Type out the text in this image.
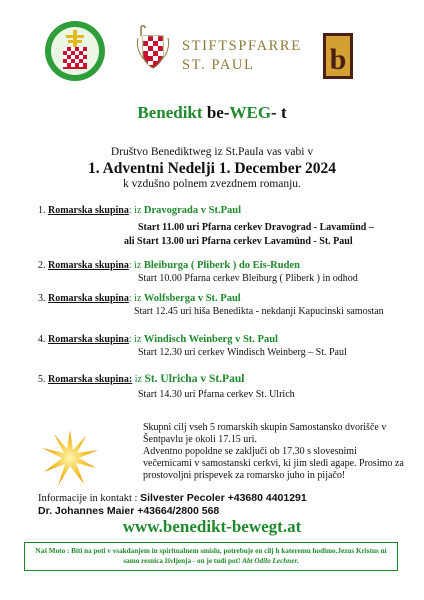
STIFTSPFARRE
ST. PAUL	b
Benedikt be-WEG- t
Društvo Benediktweg iz St.Paula vas vabi v
1. Adventni Nedelji 1. December 2024
k vzdušno polnem zvezdnem romanju.
1. Romarska skupina: iz Dravograda v St.Paul
Start 11.00 uri Pfarna cerkev Dravograd - Lavamünd –
ali Start 13.00 uri Pfarna cerkev Lavamünd - St. Paul
2. Romarska skupina: iz Bleiburga ( Pliberk ) do Eis-Ruden
Start 10.00 Pfarna cerkev Bleiburg ( Pliberk ) in odhod
3. Romarska skupina: iz Wolfsberga v St. Paul
Start 12.45 uri hiša Benedikta - nekdanji Kapucinski samostan
4. Romarska skupina: iz Windisch Weinberg v St. Paul
Start 12.30 uri cerkev Windisch Weinberg – St. Paul
5. Romarska skupina: iz St. Ulricha v St.Paul
Start 14.30 uri Pfarna cerkev St. Ulrich
Skupni cilj vseh 5 romarskih skupin Samostansko dvorišče v Šentpavlu je okoli 17.15 uri.
Adventno popoldne se zaključi ob 17.30 s slovesnimi večernicami v samostanski cerkvi, ki jim sledi agape. Prosimo za prostovoljni prispevek za romarsko juho in pijačo!
Informacije in kontakt : Silvester Pecoler +43680 4401291
Dr. Johannes Maier +43664/2800 568
www.benedikt-bewegt.at
Naš Moto : Biti na poti v vsakdanjem in spiritualnem smislu, potrebuje en cilj h kateremu hodimo.Jezus Kristus ni samo resnica življenja - on je tudi pot! Abt Odilo Lechner.
